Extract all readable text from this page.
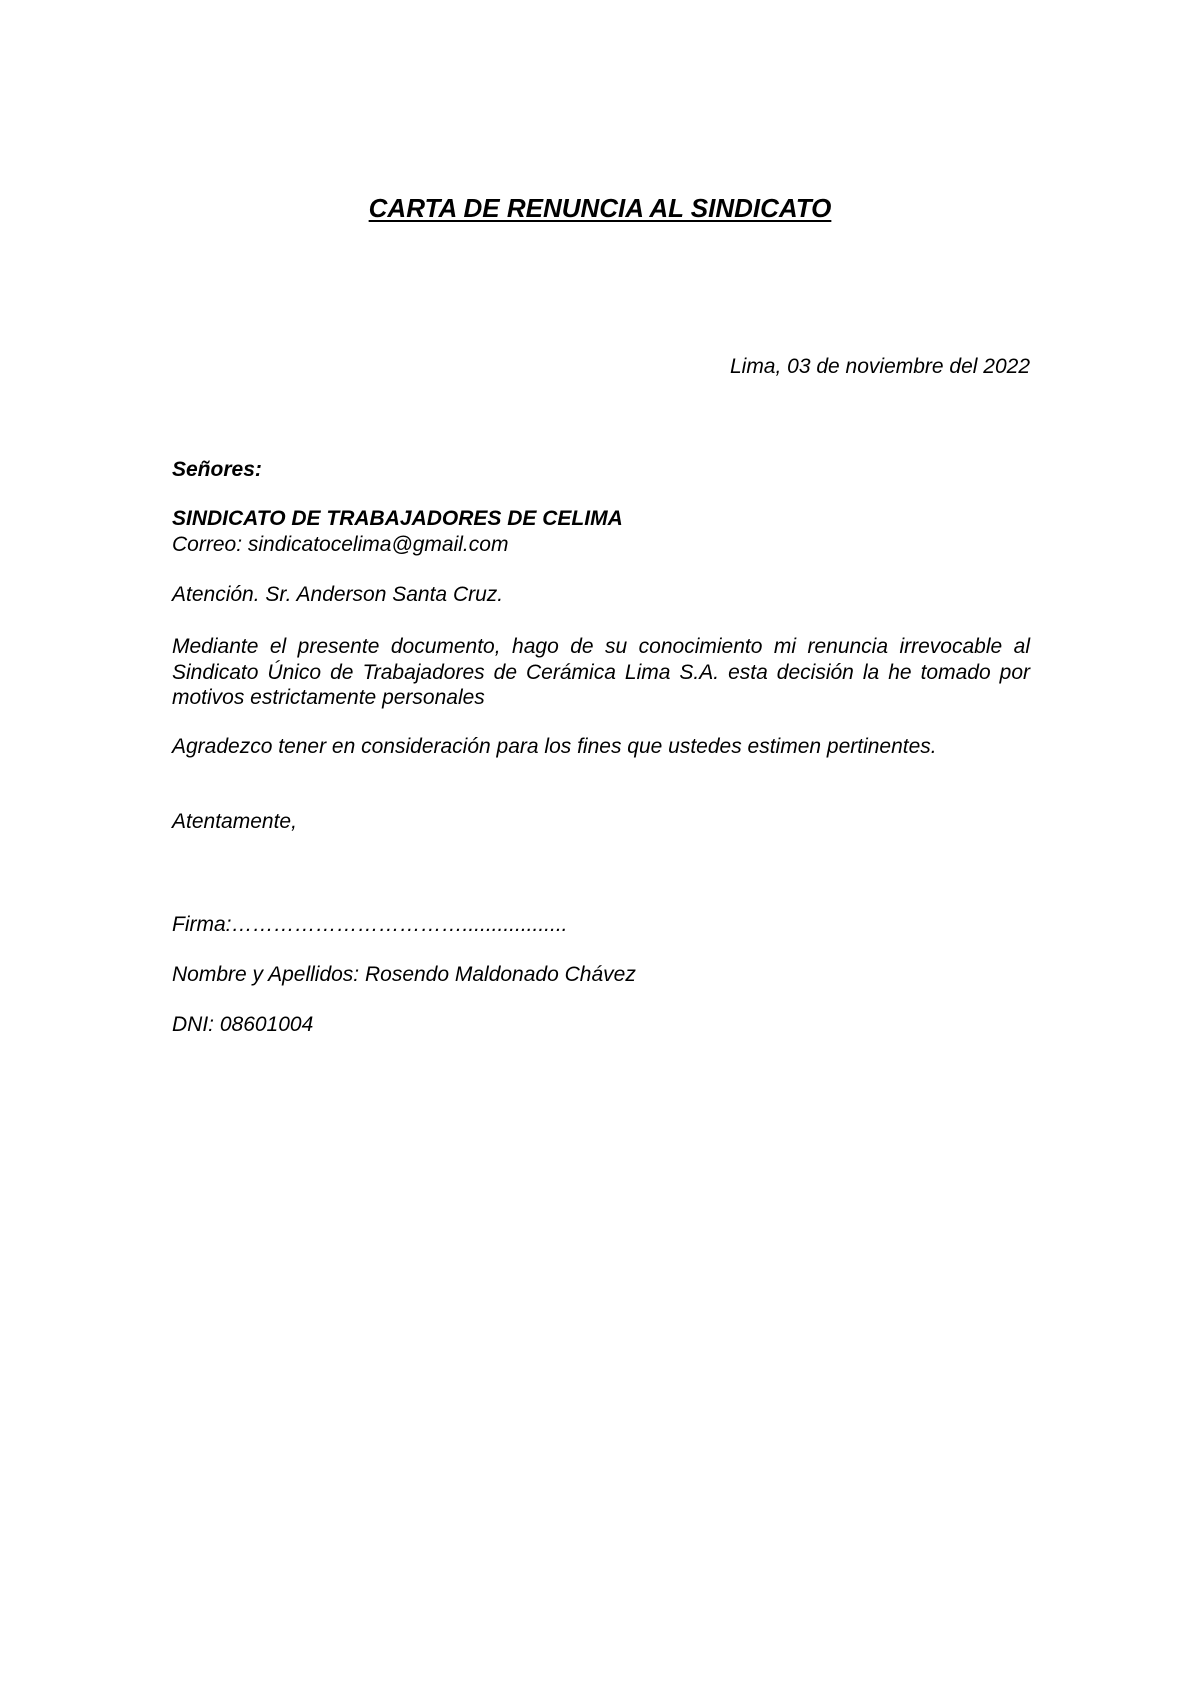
CARTA DE RENUNCIA AL SINDICATO
Lima, 03 de noviembre del 2022
Señores:
SINDICATO DE TRABAJADORES DE CELIMA
Correo: sindicatocelima@gmail.com
Atención. Sr. Anderson Santa Cruz.
Mediante el presente documento, hago de su conocimiento mi renuncia irrevocable al Sindicato Único de Trabajadores de Cerámica Lima S.A. esta decisión la he tomado por motivos estrictamente personales
Agradezco tener en consideración para los fines que ustedes estimen pertinentes.
Atentamente,
Firma:……………………………..................
Nombre y Apellidos: Rosendo Maldonado Chávez
DNI: 08601004
